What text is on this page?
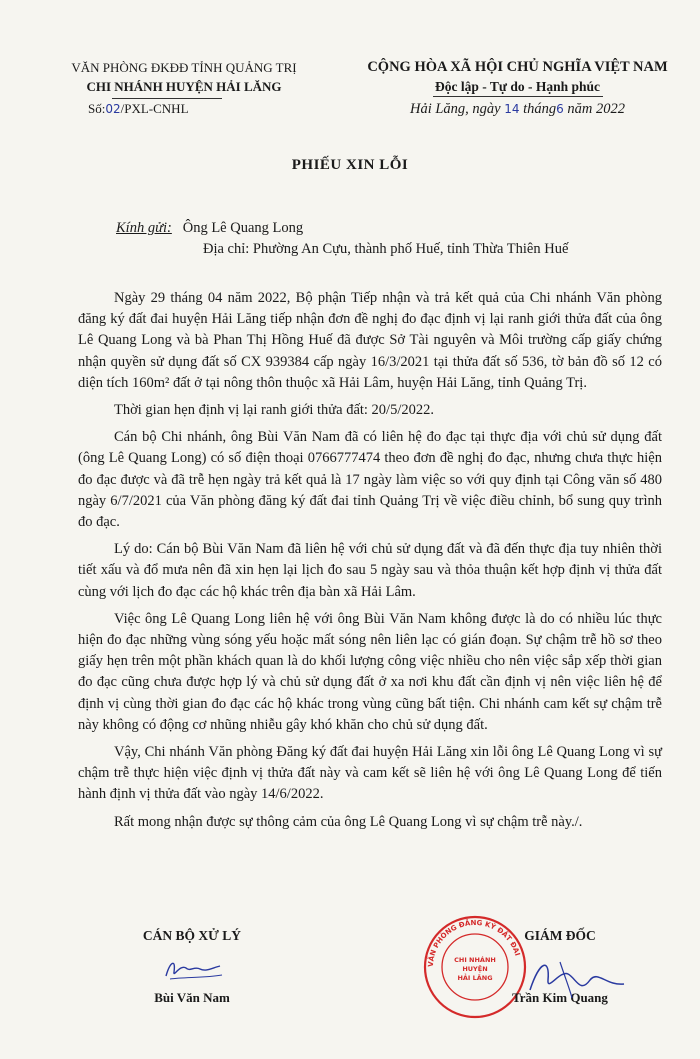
VĂN PHÒNG ĐKĐĐ TỈNH QUẢNG TRỊ
CHI NHÁNH HUYỆN HẢI LĂNG
Số:02/PXL-CNHL
CỘNG HÒA XÃ HỘI CHỦ NGHĨA VIỆT NAM
Độc lập - Tự do - Hạnh phúc
Hải Lăng, ngày 14 tháng6 năm 2022
PHIẾU XIN LỖI
Kính gửi: Ông Lê Quang Long
Địa chỉ: Phường An Cựu, thành phố Huế, tỉnh Thừa Thiên Huế

Ngày 29 tháng 04 năm 2022, Bộ phận Tiếp nhận và trả kết quả của Chi nhánh Văn phòng đăng ký đất đai huyện Hải Lăng tiếp nhận đơn đề nghị đo đạc định vị lại ranh giới thửa đất của ông Lê Quang Long và bà Phan Thị Hồng Huế đã được Sở Tài nguyên và Môi trường cấp giấy chứng nhận quyền sử dụng đất số CX 939384 cấp ngày 16/3/2021 tại thửa đất số 536, tờ bản đồ số 12 có diện tích 160m² đất ở tại nông thôn thuộc xã Hải Lâm, huyện Hải Lăng, tỉnh Quảng Trị.

Thời gian hẹn định vị lại ranh giới thửa đất: 20/5/2022.

Cán bộ Chi nhánh, ông Bùi Văn Nam đã có liên hệ đo đạc tại thực địa với chủ sử dụng đất (ông Lê Quang Long) có số điện thoại 0766777474 theo đơn đề nghị đo đạc, nhưng chưa thực hiện đo đạc được và đã trễ hẹn ngày trả kết quả là 17 ngày làm việc so với quy định tại Công văn số 480 ngày 6/7/2021 của Văn phòng đăng ký đất đai tỉnh Quảng Trị về việc điều chỉnh, bổ sung quy trình đo đạc.

Lý do: Cán bộ Bùi Văn Nam đã liên hệ với chủ sử dụng đất và đã đến thực địa tuy nhiên thời tiết xấu và đổ mưa nên đã xin hẹn lại lịch đo sau 5 ngày sau và thỏa thuận kết hợp định vị thửa đất cùng với lịch đo đạc các hộ khác trên địa bàn xã Hải Lâm.

Việc ông Lê Quang Long liên hệ với ông Bùi Văn Nam không được là do có nhiều lúc thực hiện đo đạc những vùng sóng yếu hoặc mất sóng nên liên lạc có gián đoạn. Sự chậm trễ hồ sơ theo giấy hẹn trên một phần khách quan là do khối lượng công việc nhiều cho nên việc sắp xếp thời gian đo đạc cũng chưa được hợp lý và chủ sử dụng đất ở xa nơi khu đất cần định vị nên việc liên hệ để định vị cùng thời gian đo đạc các hộ khác trong vùng cũng bất tiện. Chi nhánh cam kết sự chậm trễ này không có động cơ nhũng nhiễu gây khó khăn cho chủ sử dụng đất.

Vậy, Chi nhánh Văn phòng Đăng ký đất đai huyện Hải Lăng xin lỗi ông Lê Quang Long vì sự chậm trễ thực hiện việc định vị thửa đất này và cam kết sẽ liên hệ với ông Lê Quang Long để tiến hành định vị thửa đất vào ngày 14/6/2022.

Rất mong nhận được sự thông cảm của ông Lê Quang Long vì sự chậm trễ này./.

CÁN BỘ XỬ LÝ
Bùi Văn Nam
VĂN PHÒNG ĐĂNG KÝ ĐẤT ĐAI
CHI NHÁNH
HUYỆN
HẢI LĂNG
GIÁM ĐỐC
Trần Kim Quang
